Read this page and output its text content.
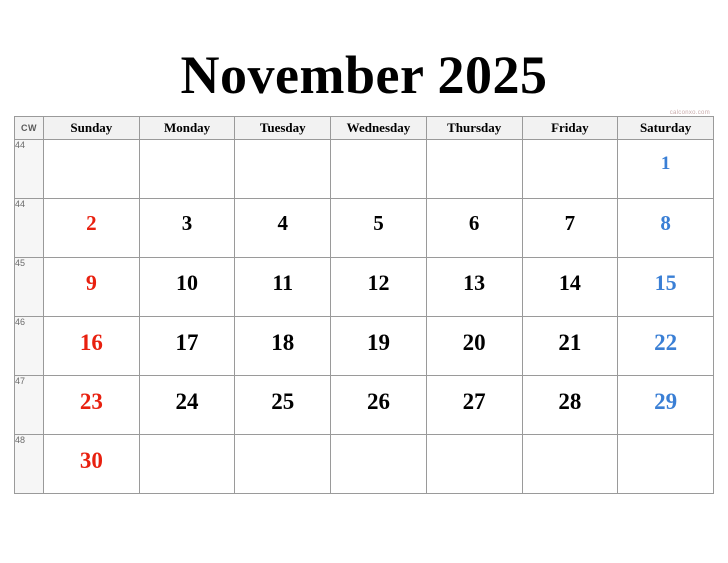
November 2025
calconxo.com
CW	Sunday	Monday	Tuesday	Wednesday	Thursday	Friday	Saturday
44							1

44	2	3	4	5	6	7	8

45	9	10	11	12	13	14	15

46	16	17	18	19	20	21	22

47	23	24	25	26	27	28	29

48	30						
